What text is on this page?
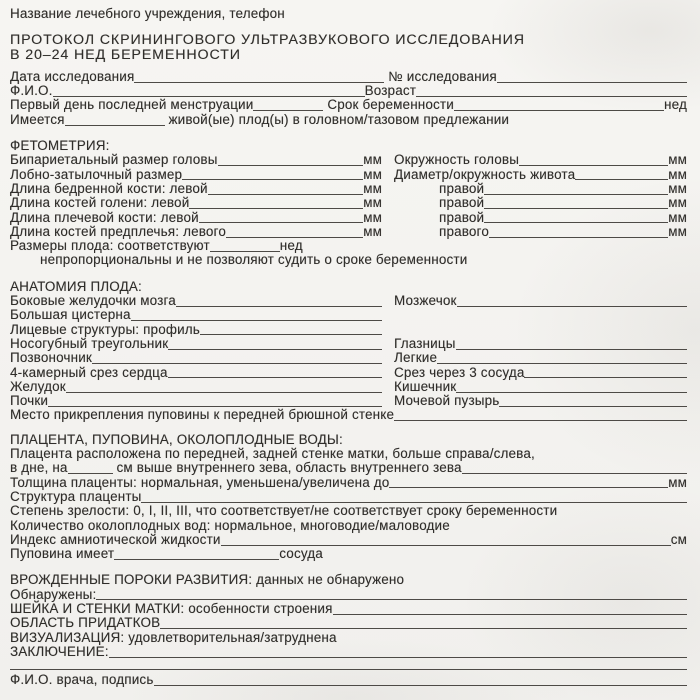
Название лечебного учреждения, телефон
ПРОТОКОЛ СКРИНИНГОВОГО УЛЬТРАЗВУКОВОГО ИССЛЕДОВАНИЯ
В 20–24 НЕД БЕРЕМЕННОСТИ
Дата исследования	№ исследования
Ф.И.О.	Возраст
Первый день последней менструации	Срок беременности	нед
Имеется	живой(ые) плод(ы) в головном/тазовом предлежании
ФЕТОМЕТРИЯ:
Бипариетальный размер головы	мм Окружность головы	мм
Лобно-затылочный размер	мм Диаметр/окружность живота	мм
Длина бедренной кости: левой	мм	правой	мм
Длина костей голени: левой	мм	правой	мм
Длина плечевой кости: левой	мм	правой	мм
Длина костей предплечья: левого	мм	правого	мм
Размеры плода: соответствуют	нед
непропорциональны и не позволяют судить о сроке беременности
АНАТОМИЯ ПЛОДА:
Боковые желудочки мозга	Мозжечок
Большая цистерна
Лицевые структуры: профиль
Носогубный треугольник	Глазницы
Позвоночник	Легкие
4-камерный срез сердца	Срез через 3 сосуда
Желудок	Кишечник
Почки	Мочевой пузырь
Место прикрепления пуповины к передней брюшной стенке
ПЛАЦЕНТА, ПУПОВИНА, ОКОЛОПЛОДНЫЕ ВОДЫ:
Плацента расположена по передней, задней стенке матки, больше справа/слева,
в дне, на	см выше внутреннего зева, область внутреннего зева
Толщина плаценты: нормальная, уменьшена/увеличена до	мм
Структура плаценты
Степень зрелости: 0, I, II, III, что соответствует/не соответствует сроку беременности
Количество околоплодных вод: нормальное, многоводие/маловодие
Индекс амниотической жидкости	см
Пуповина имеет	сосуда
ВРОЖДЕННЫЕ ПОРОКИ РАЗВИТИЯ: данных не обнаружено
Обнаружены:
ШЕЙКА И СТЕНКИ МАТКИ: особенности строения
ОБЛАСТЬ ПРИДАТКОВ
ВИЗУАЛИЗАЦИЯ: удовлетворительная/затруднена
ЗАКЛЮЧЕНИЕ:
Ф.И.О. врача, подпись
